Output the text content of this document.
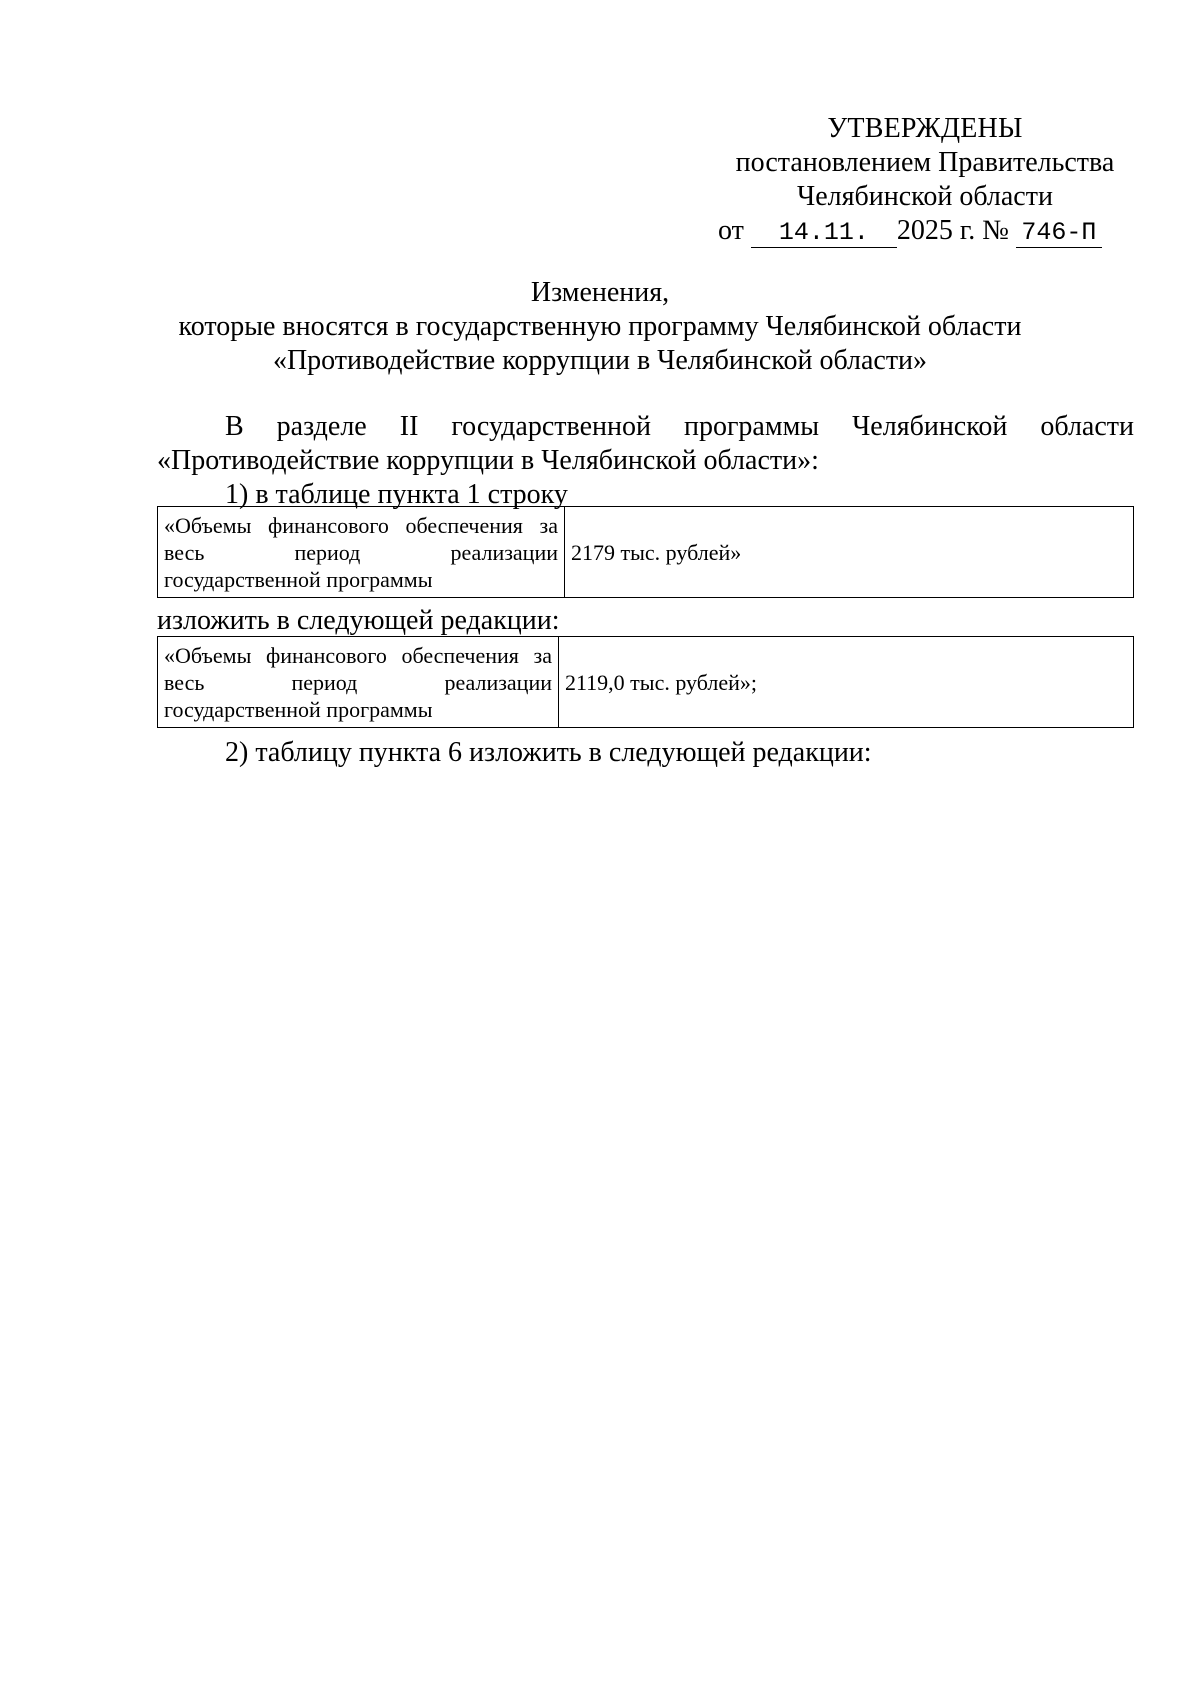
УТВЕРЖДЕНЫ
постановлением Правительства
Челябинской области
от 14.11. 2025 г. № 746-П
Изменения,
которые вносятся в государственную программу Челябинской области
«Противодействие коррупции в Челябинской области»
В разделе II государственной программы Челябинской области
«Противодействие коррупции в Челябинской области»:
1) в таблице пункта 1 строку
«Объемы финансового обеспечения за
весь период реализации
государственной программы
	2179 тыс. рублей»
изложить в следующей редакции:
«Объемы финансового обеспечения за
весь период реализации
государственной программы
	2119,0 тыс. рублей»;
2) таблицу пункта 6 изложить в следующей редакции:
